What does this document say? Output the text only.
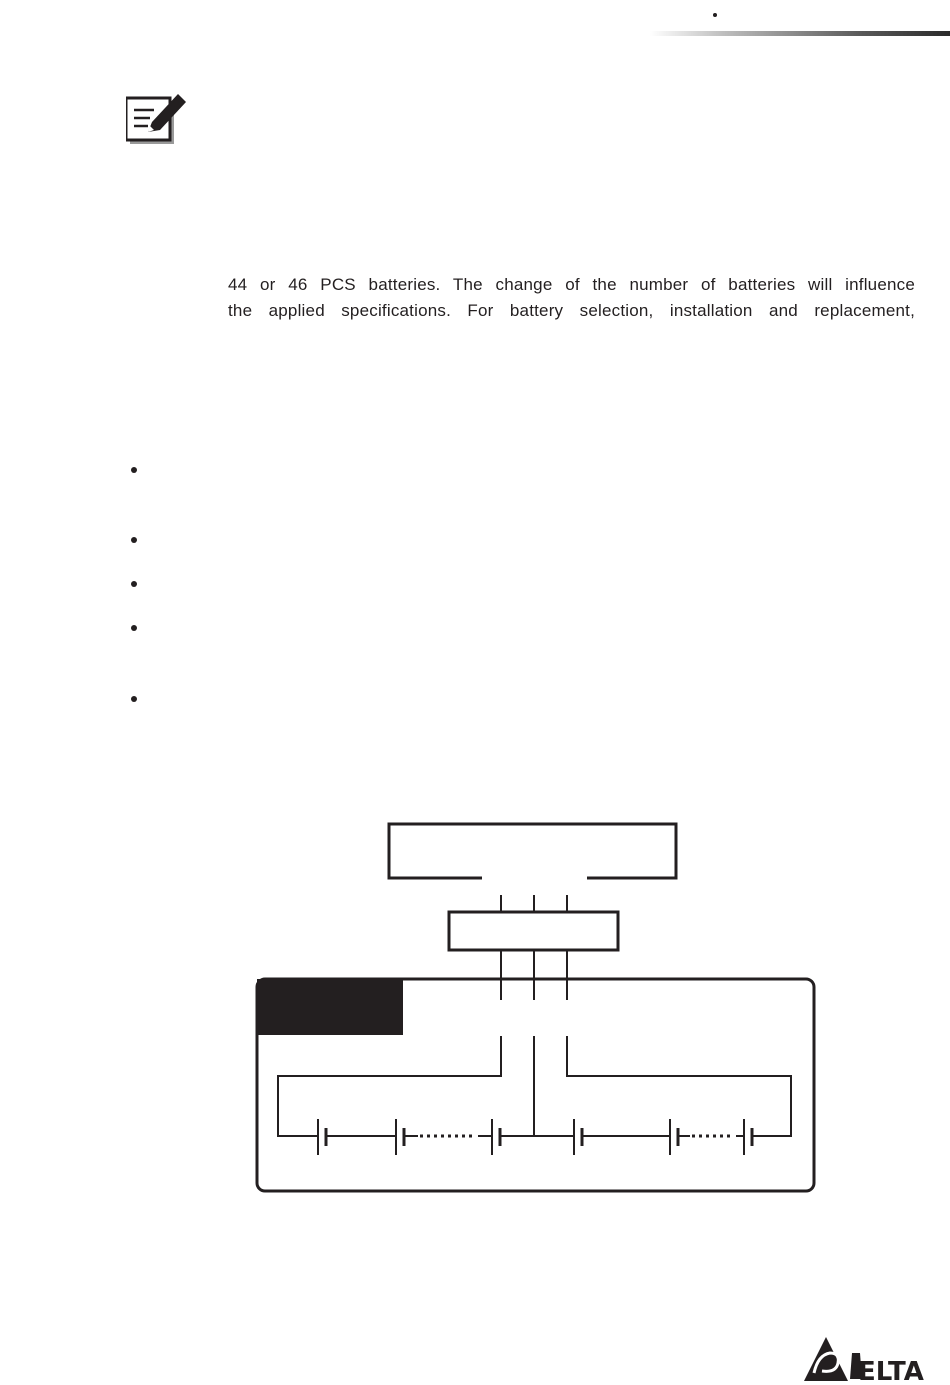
44 or 46 PCS batteries. The change of the number of batteries will influence

the applied specifications. For battery selection, installation and replacement,

ELTA
